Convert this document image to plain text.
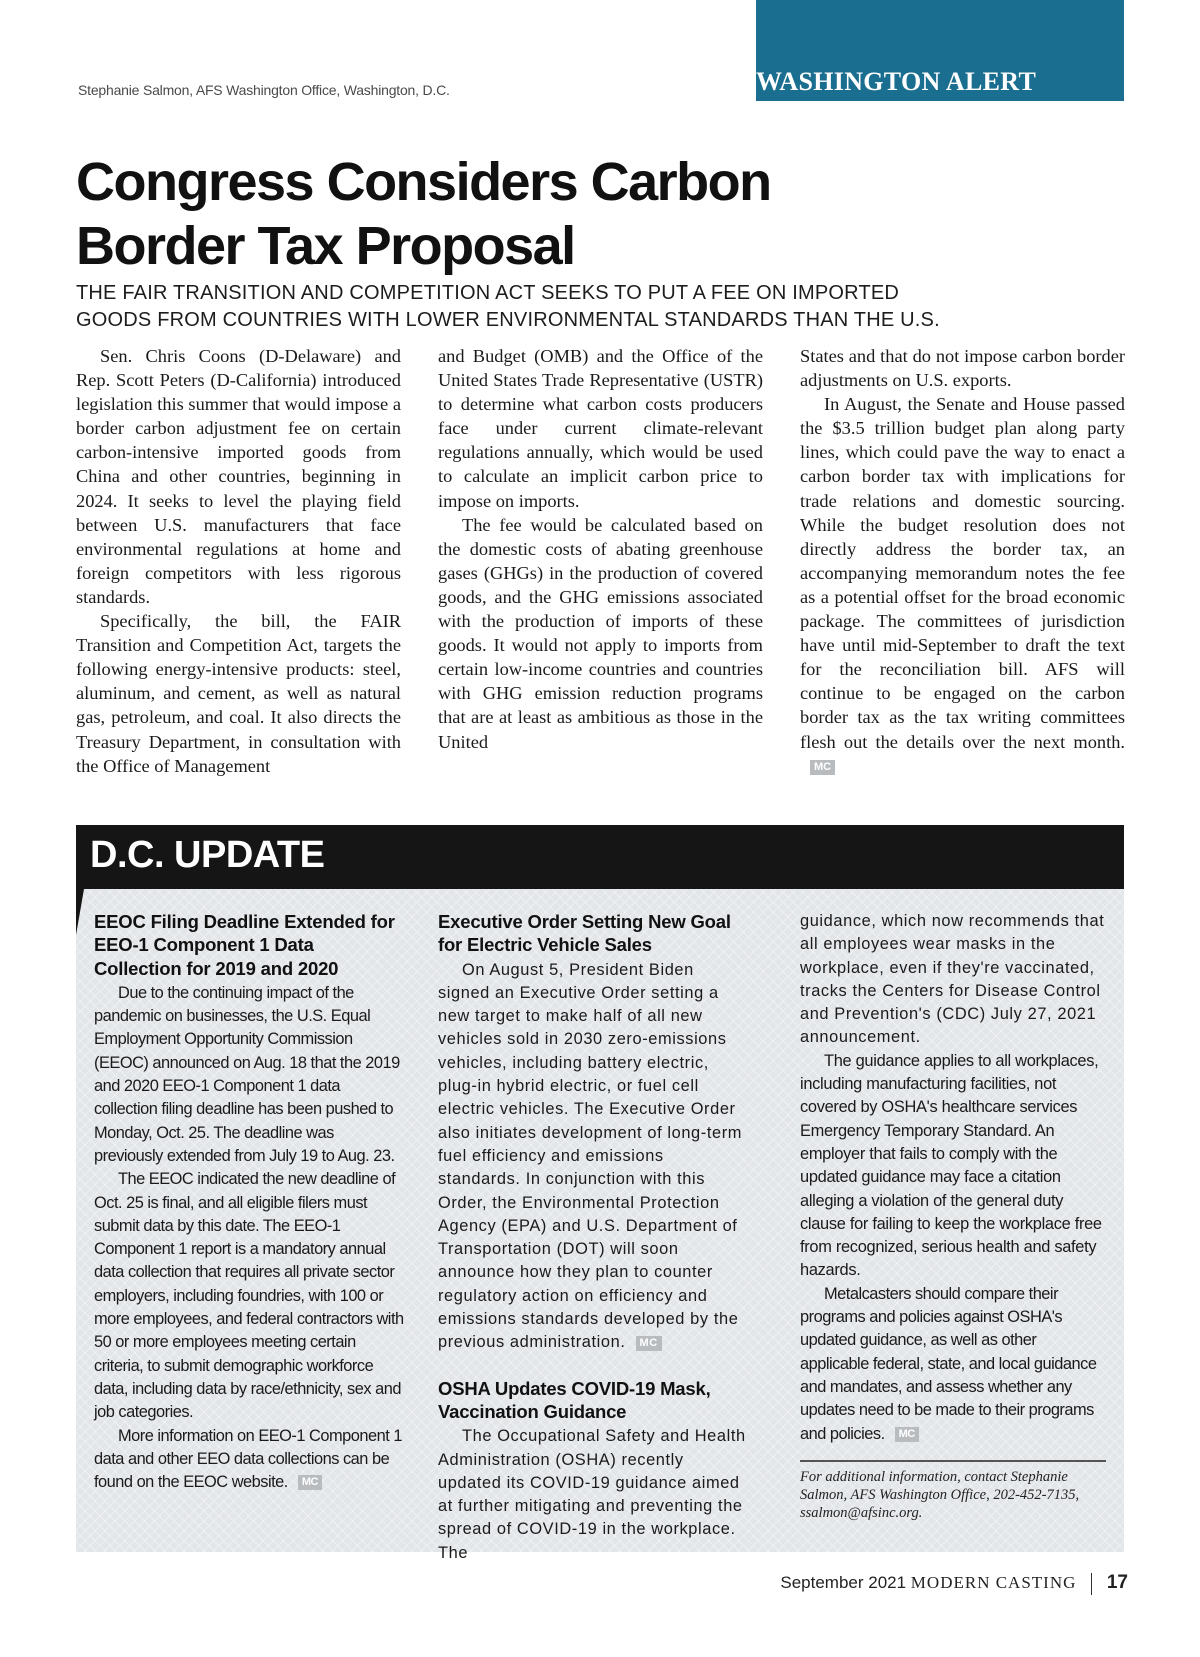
Stephanie Salmon, AFS Washington Office, Washington, D.C.	WASHINGTON ALERT
Congress Considers Carbon Border Tax Proposal
THE FAIR TRANSITION AND COMPETITION ACT SEEKS TO PUT A FEE ON IMPORTED GOODS FROM COUNTRIES WITH LOWER ENVIRONMENTAL STANDARDS THAN THE U.S.

Sen. Chris Coons (D-Delaware) and Rep. Scott Peters (D-California) introduced legislation this summer that would impose a border carbon adjustment fee on certain carbon-intensive imported goods from China and other countries, beginning in 2024. It seeks to level the playing field between U.S. manufacturers that face environmental regulations at home and foreign competitors with less rigorous standards.

Specifically, the bill, the FAIR Transition and Competition Act, targets the following energy-intensive products: steel, aluminum, and cement, as well as natural gas, petroleum, and coal. It also directs the Treasury Department, in consultation with the Office of Management

and Budget (OMB) and the Office of the United States Trade Representative (USTR) to determine what carbon costs producers face under current climate-relevant regulations annually, which would be used to calculate an implicit carbon price to impose on imports.

The fee would be calculated based on the domestic costs of abating greenhouse gases (GHGs) in the production of covered goods, and the GHG emissions associated with the production of imports of these goods. It would not apply to imports from certain low-income countries and countries with GHG emission reduction programs that are at least as ambitious as those in the United

States and that do not impose carbon border adjustments on U.S. exports.

In August, the Senate and House passed the $3.5 trillion budget plan along party lines, which could pave the way to enact a carbon border tax with implications for trade relations and domestic sourcing. While the budget resolution does not directly address the border tax, an accompanying memorandum notes the fee as a potential offset for the broad economic package. The committees of jurisdiction have until mid-September to draft the text for the reconciliation bill. AFS will continue to be engaged on the carbon border tax as the tax writing committees flesh out the details over the next month.MC

D.C. UPDATE
EEOC Filing Deadline Extended for EEO-1 Component 1 Data Collection for 2019 and 2020

Due to the continuing impact of the pandemic on businesses, the U.S. Equal Employment Opportunity Commission (EEOC) announced on Aug. 18 that the 2019 and 2020 EEO-1 Component 1 data collection filing deadline has been pushed to Monday, Oct. 25. The deadline was previously extended from July 19 to Aug. 23.

The EEOC indicated the new deadline of Oct. 25 is final, and all eligible filers must submit data by this date. The EEO-1 Component 1 report is a mandatory annual data collection that requires all private sector employers, including foundries, with 100 or more employees, and federal contractors with 50 or more employees meeting certain criteria, to submit demographic workforce data, including data by race/ethnicity, sex and job categories.

More information on EEO-1 Component 1 data and other EEO data collections can be found on the EEOC website. MC

Executive Order Setting New Goal for Electric Vehicle Sales

On August 5, President Biden signed an Executive Order setting a new target to make half of all new vehicles sold in 2030 zero-emissions vehicles, including battery electric, plug-in hybrid electric, or fuel cell electric vehicles. The Executive Order also initiates development of long-term fuel efficiency and emissions standards. In conjunction with this Order, the Environmental Protection Agency (EPA) and U.S. Department of Transportation (DOT) will soon announce how they plan to counter regulatory action on efficiency and emissions standards developed by the previous administration. MC

OSHA Updates COVID-19 Mask, Vaccination Guidance

The Occupational Safety and Health Administration (OSHA) recently updated its COVID-19 guidance aimed at further mitigating and preventing the spread of COVID-19 in the workplace. The

guidance, which now recommends that all employees wear masks in the workplace, even if they're vaccinated, tracks the Centers for Disease Control and Prevention's (CDC) July 27, 2021 announcement.

The guidance applies to all workplaces, including manufacturing facilities, not covered by OSHA's healthcare services Emergency Temporary Standard. An employer that fails to comply with the updated guidance may face a citation alleging a violation of the general duty clause for failing to keep the workplace free from recognized, serious health and safety hazards.

Metalcasters should compare their programs and policies against OSHA's updated guidance, as well as other applicable federal, state, and local guidance and mandates, and assess whether any updates need to be made to their programs and policies. MC

For additional information, contact Stephanie Salmon, AFS Washington Office, 202-452-7135, ssalmon@afsinc.org.
September 2021 MODERN CASTING 17
